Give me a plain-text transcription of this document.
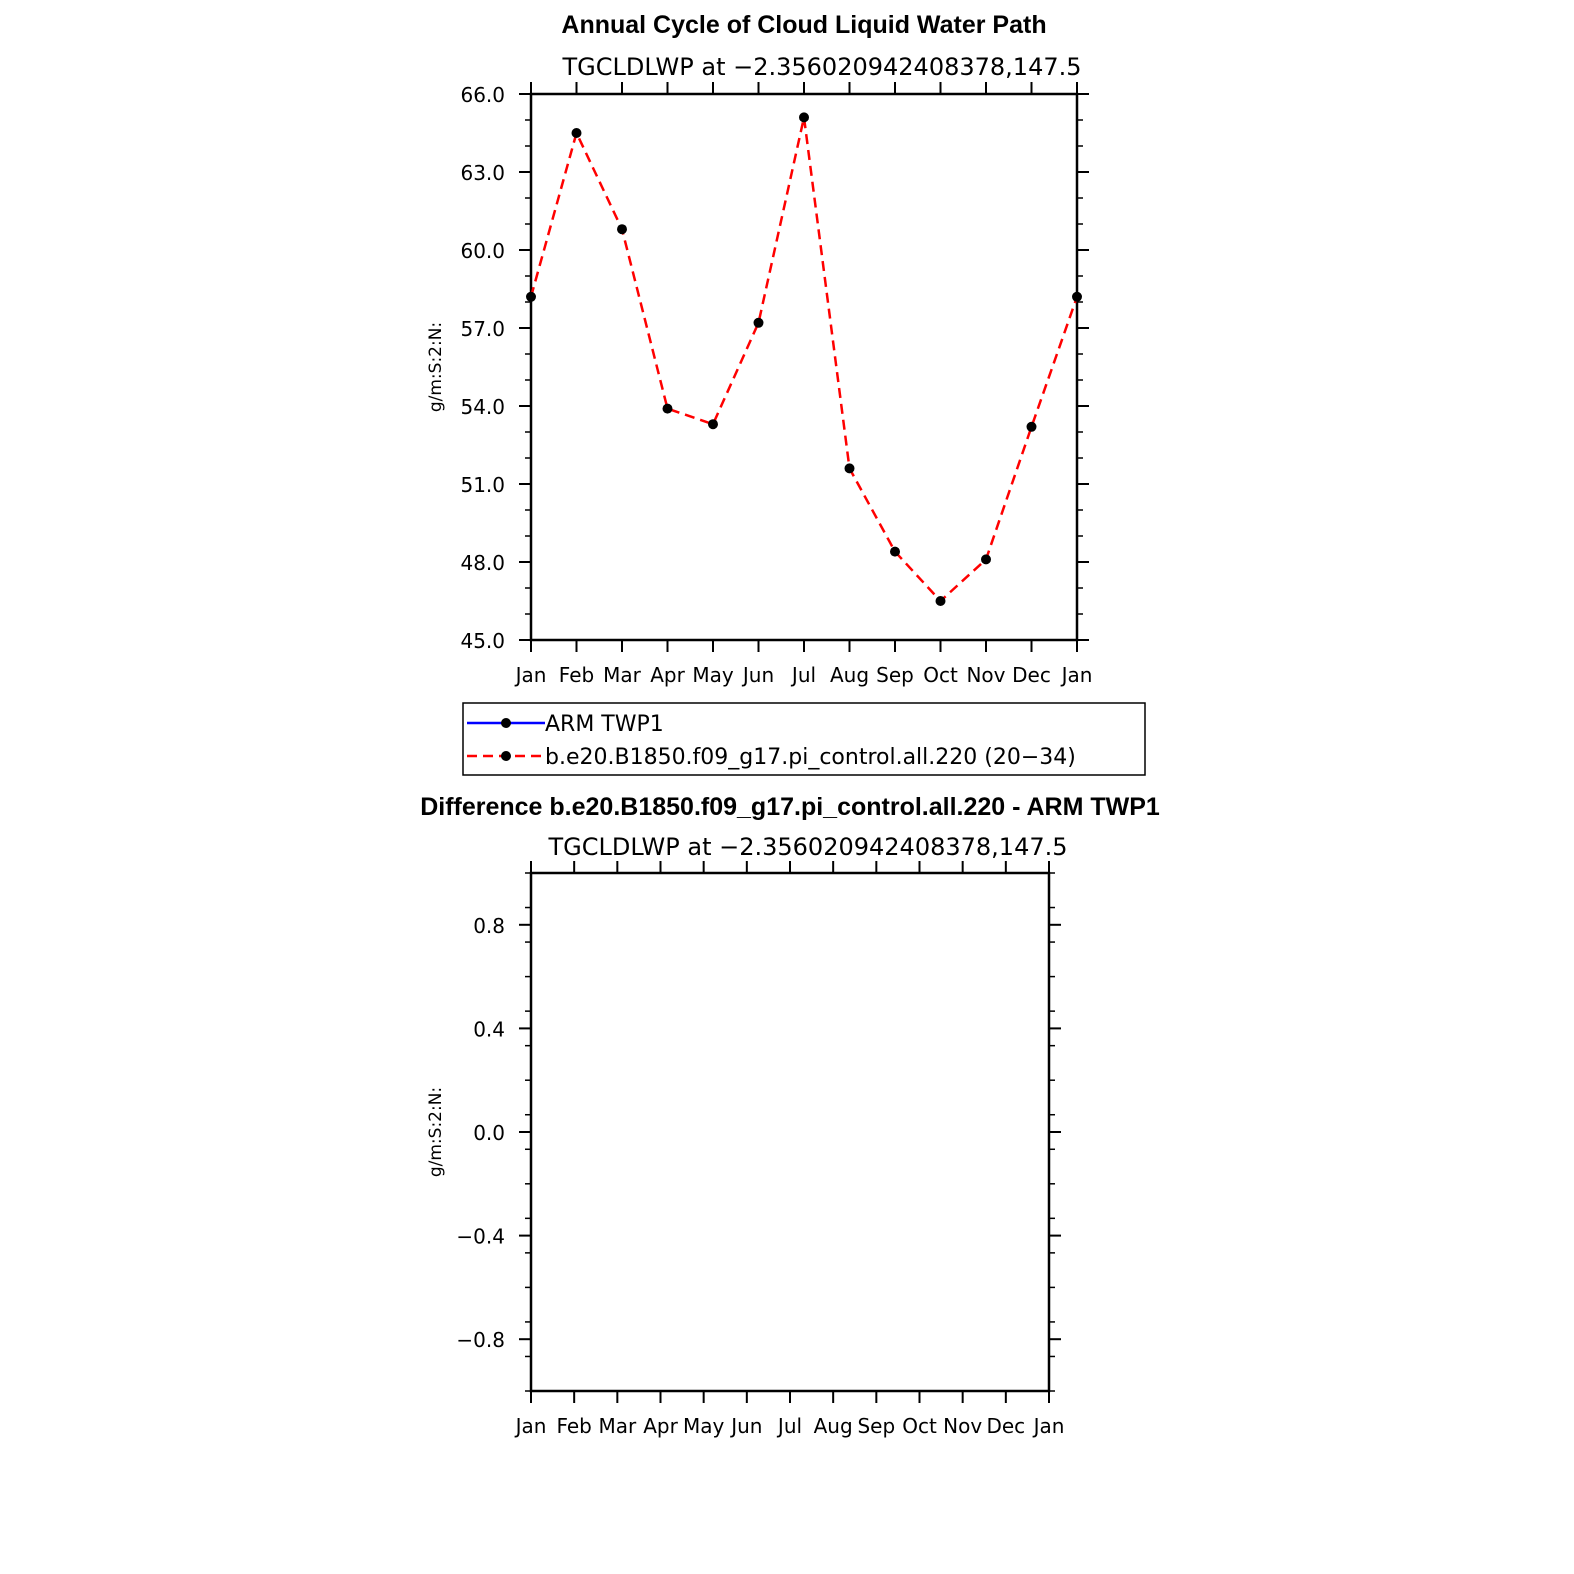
Annual Cycle of Cloud Liquid Water Path
TGCLDLWP at −2.356020942408378,147.5
g/m:S:2:N:
66.0
63.0
60.0
57.0
54.0
51.0
48.0
45.0
Jan Feb Mar Apr May Jun Jul Aug Sep Oct Nov Dec Jan
ARM TWP1
b.e20.B1850.f09_g17.pi_control.all.220 (20−34)
Difference b.e20.B1850.f09_g17.pi_control.all.220 - ARM TWP1
TGCLDLWP at −2.356020942408378,147.5
g/m:S:2:N:
0.8
0.4
0.0
−0.4
−0.8
Jan Feb Mar Apr May Jun Jul Aug Sep Oct Nov Dec Jan
